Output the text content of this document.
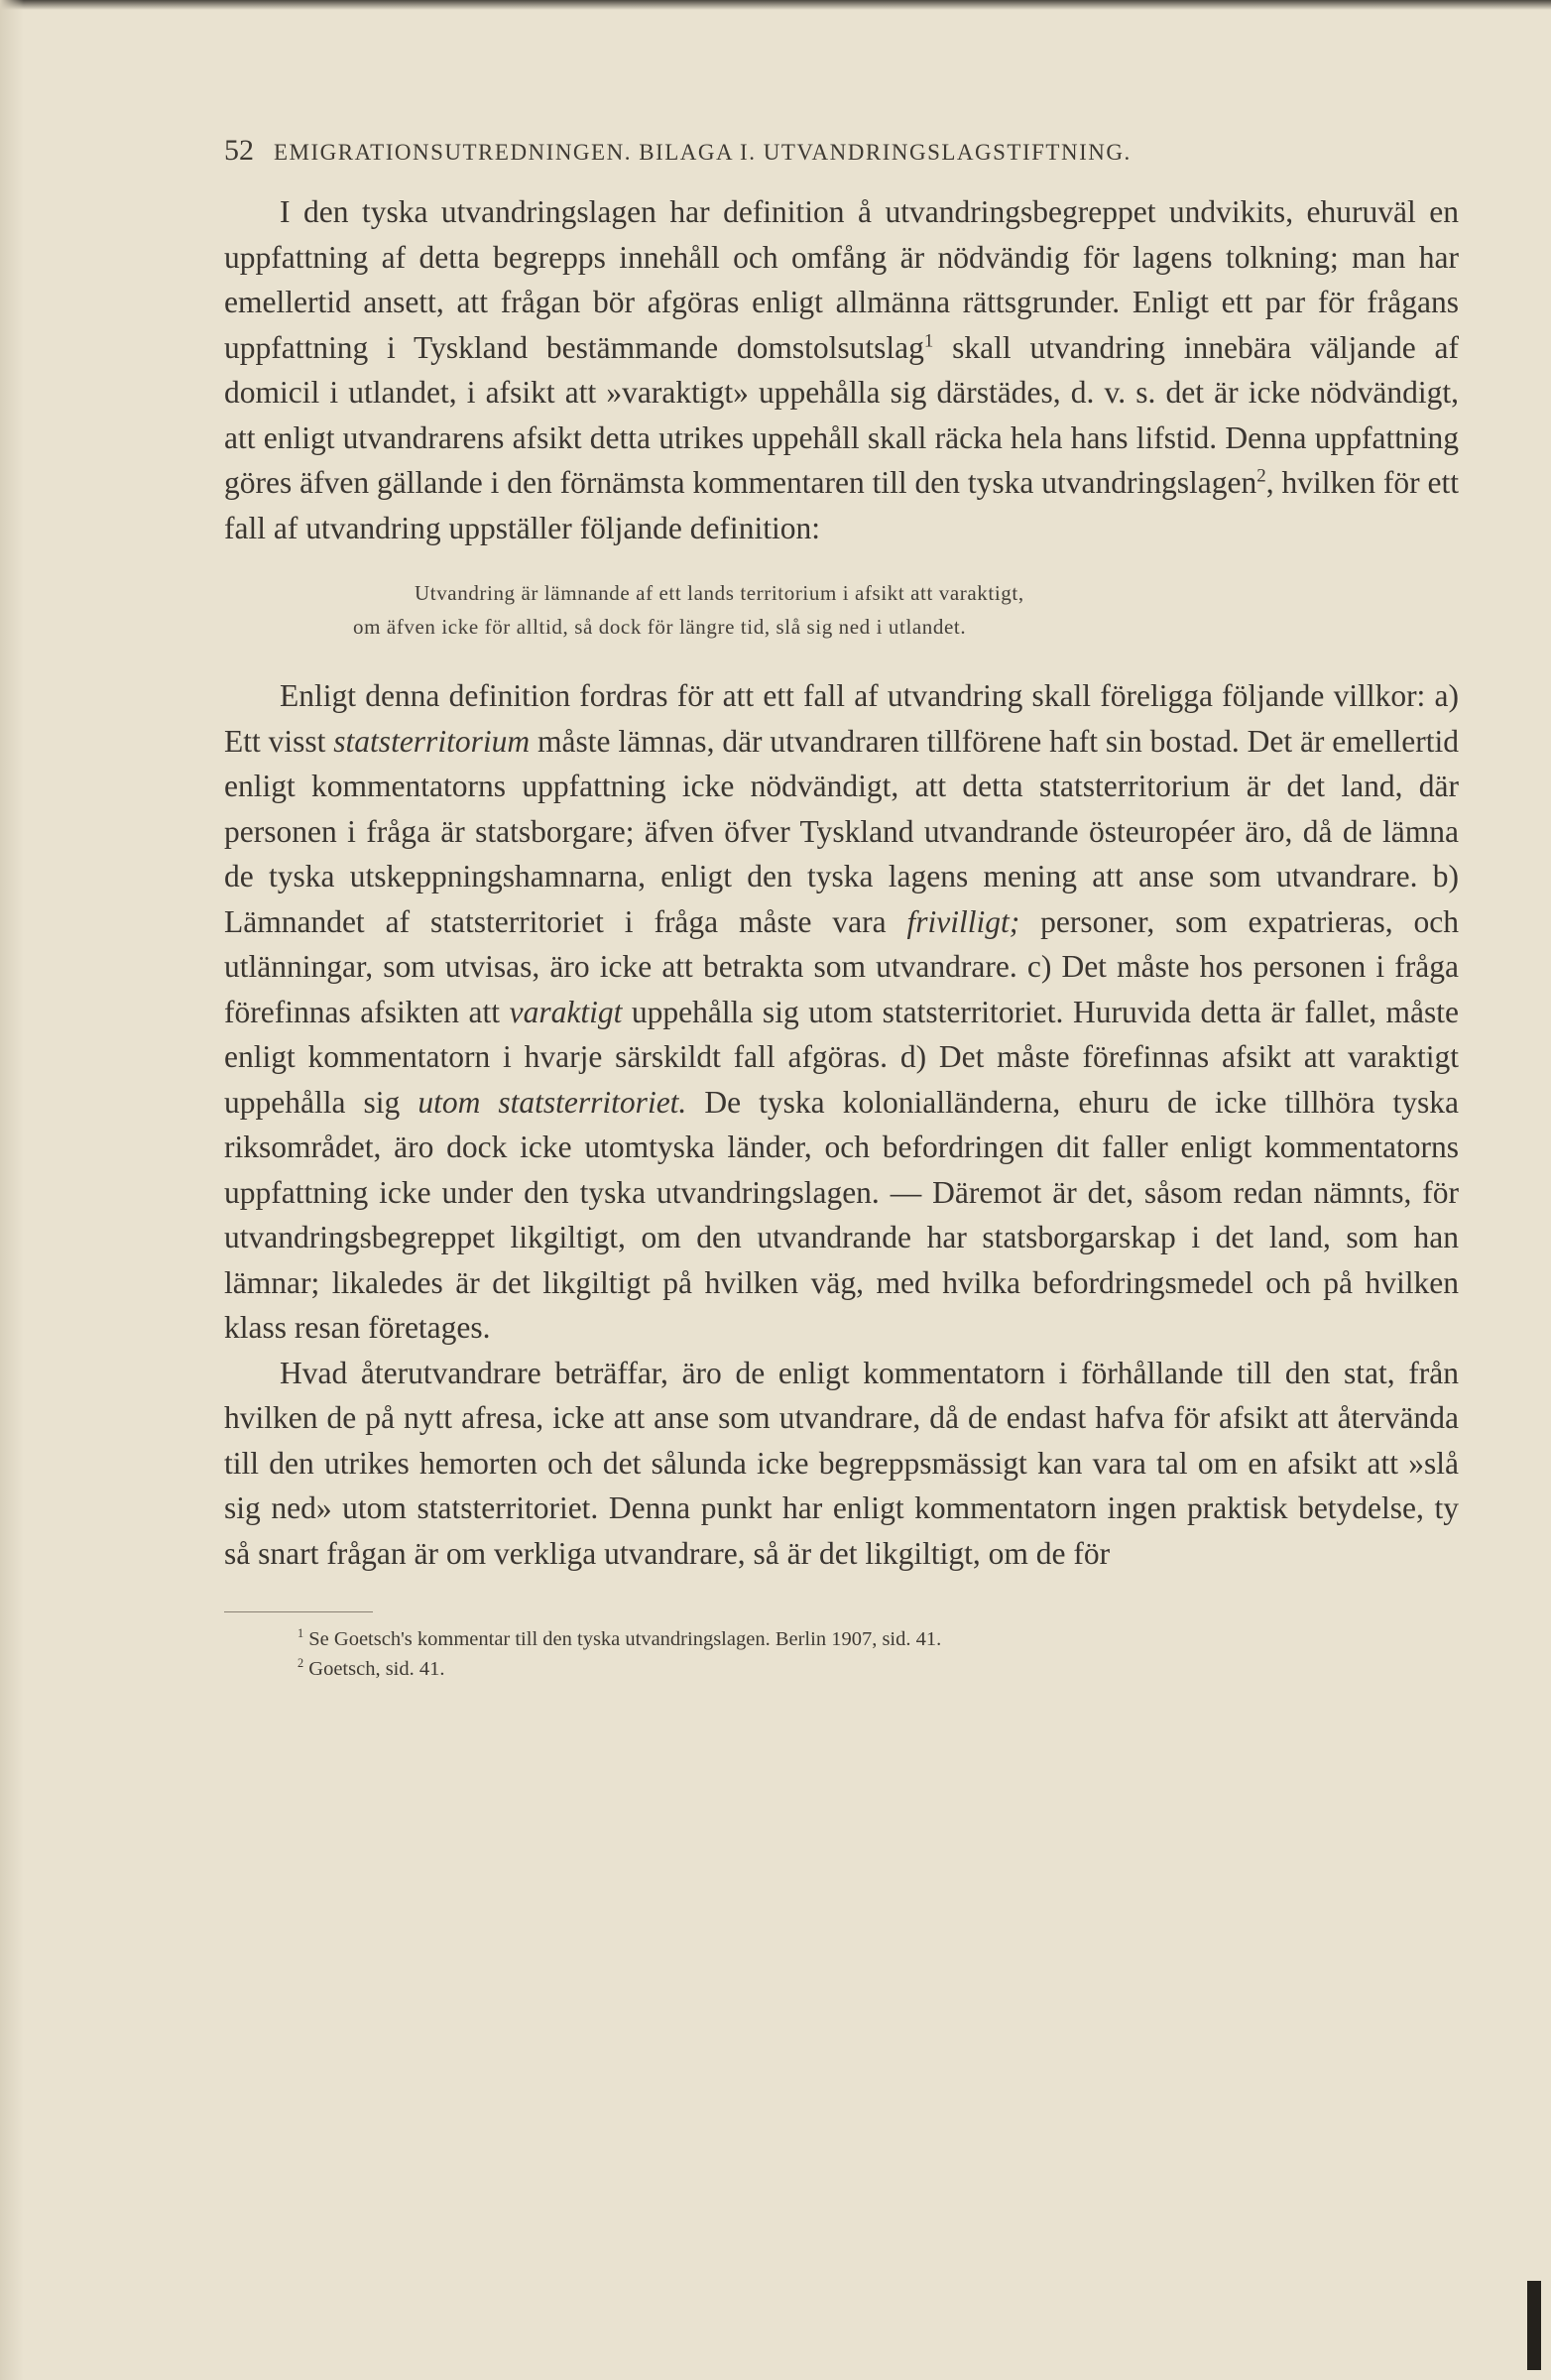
52 EMIGRATIONSUTREDNINGEN. BILAGA I. UTVANDRINGSLAGSTIFTNING.

I den tyska utvandringslagen har definition å utvandringsbegreppet undvikits, ehuruväl en uppfattning af detta begrepps innehåll och omfång är nödvändig för lagens tolkning; man har emellertid ansett, att frågan bör afgöras enligt allmänna rättsgrunder. Enligt ett par för frågans uppfattning i Tyskland bestämmande domstolsutslag$^1$ skall utvandring innebära väljande af domicil i utlandet, i afsikt att »varaktigt» uppehålla sig därstädes, d. v. s. det är icke nödvändigt, att enligt utvandrarens afsikt detta utrikes uppehåll skall räcka hela hans lifstid. Denna uppfattning göres äfven gällande i den förnämsta kommentaren till den tyska utvandringslagen$^2$, hvilken för ett fall af utvandring uppställer följande definition:

Utvandring är lämnande af ett lands territorium i afsikt att varaktigt,
om äfven icke för alltid, så dock för längre tid, slå sig ned i utlandet.

Enligt denna definition fordras för att ett fall af utvandring skall föreligga följande villkor: a) Ett visst statsterritorium måste lämnas, där utvandraren tillförene haft sin bostad. Det är emellertid enligt kommentatorns uppfattning icke nödvändigt, att detta statsterritorium är det land, där personen i fråga är statsborgare; äfven öfver Tyskland utvandrande östeuropéer äro, då de lämna de tyska utskeppningshamnarna, enligt den tyska lagens mening att anse som utvandrare. b) Lämnandet af statsterritoriet i fråga måste vara frivilligt; personer, som expatrieras, och utlänningar, som utvisas, äro icke att betrakta som utvandrare. c) Det måste hos personen i fråga förefinnas afsikten att varaktigt uppehålla sig utom statsterritoriet. Huruvida detta är fallet, måste enligt kommentatorn i hvarje särskildt fall afgöras. d) Det måste förefinnas afsikt att varaktigt uppehålla sig utom statsterritoriet. De tyska kolonialländerna, ehuru de icke tillhöra tyska riksområdet, äro dock icke utomtyska länder, och befordringen dit faller enligt kommentatorns uppfattning icke under den tyska utvandringslagen. — Däremot är det, såsom redan nämnts, för utvandringsbegreppet likgiltigt, om den utvandrande har statsborgarskap i det land, som han lämnar; likaledes är det likgiltigt på hvilken väg, med hvilka befordringsmedel och på hvilken klass resan företages.

Hvad återutvandrare beträffar, äro de enligt kommentatorn i förhållande till den stat, från hvilken de på nytt afresa, icke att anse som utvandrare, då de endast hafva för afsikt att återvända till den utrikes hemorten och det sålunda icke begreppsmässigt kan vara tal om en afsikt att »slå sig ned» utom statsterritoriet. Denna punkt har enligt kommentatorn ingen praktisk betydelse, ty så snart frågan är om verkliga utvandrare, så är det likgiltigt, om de för

$^1$ Se Goetsch's kommentar till den tyska utvandringslagen. Berlin 1907, sid. 41.
$^2$ Goetsch, sid. 41.
